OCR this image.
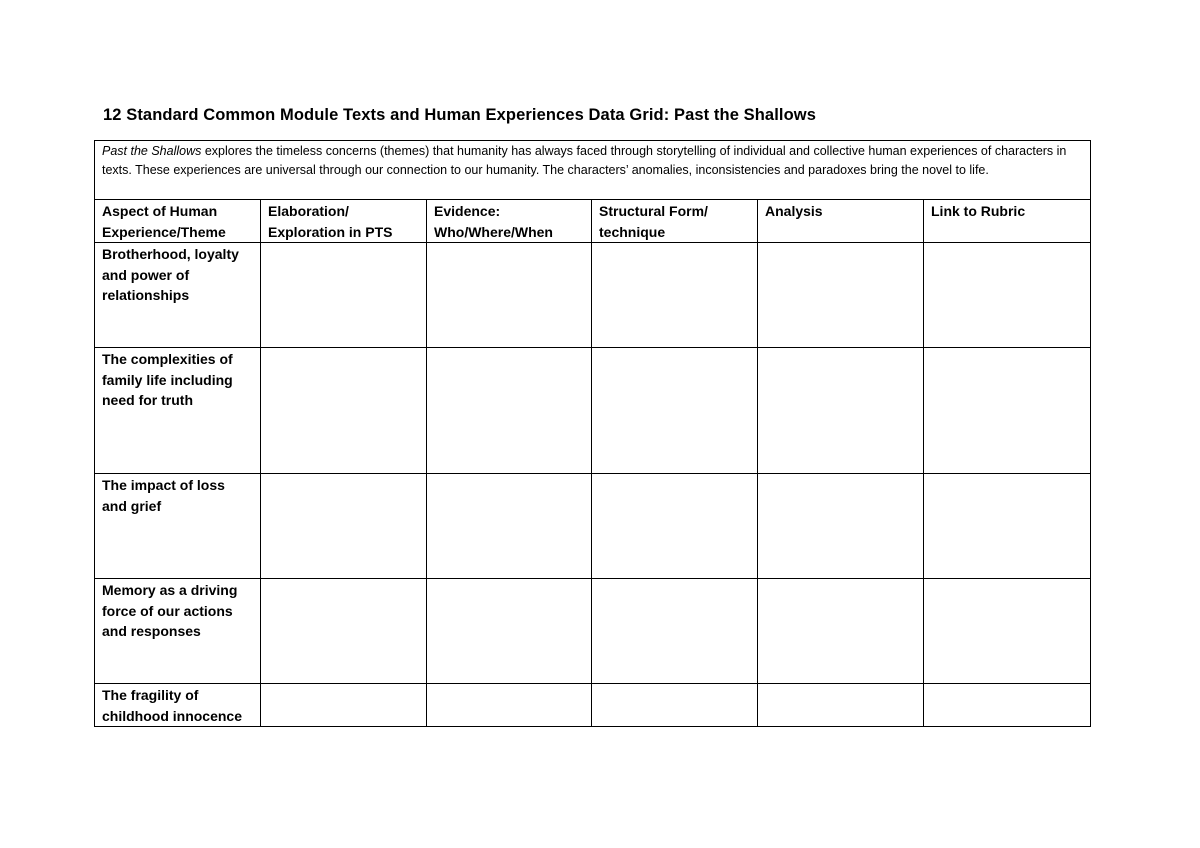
12 Standard Common Module Texts and Human Experiences Data Grid: Past the Shallows
Past the Shallows explores the timeless concerns (themes) that humanity has always faced through storytelling of individual and collective human experiences of characters in texts. These experiences are universal through our connection to our humanity. The characters’ anomalies, inconsistencies and paradoxes bring the novel to life.					
Aspect of Human Experience/Theme	Elaboration/ Exploration in PTS	Evidence: Who/Where/When	Structural Form/ technique	Analysis	Link to Rubric
Brotherhood, loyalty and power of relationships					
The complexities of family life including need for truth					
The impact of loss and grief					
Memory as a driving force of our actions and responses					
The fragility of childhood innocence					
